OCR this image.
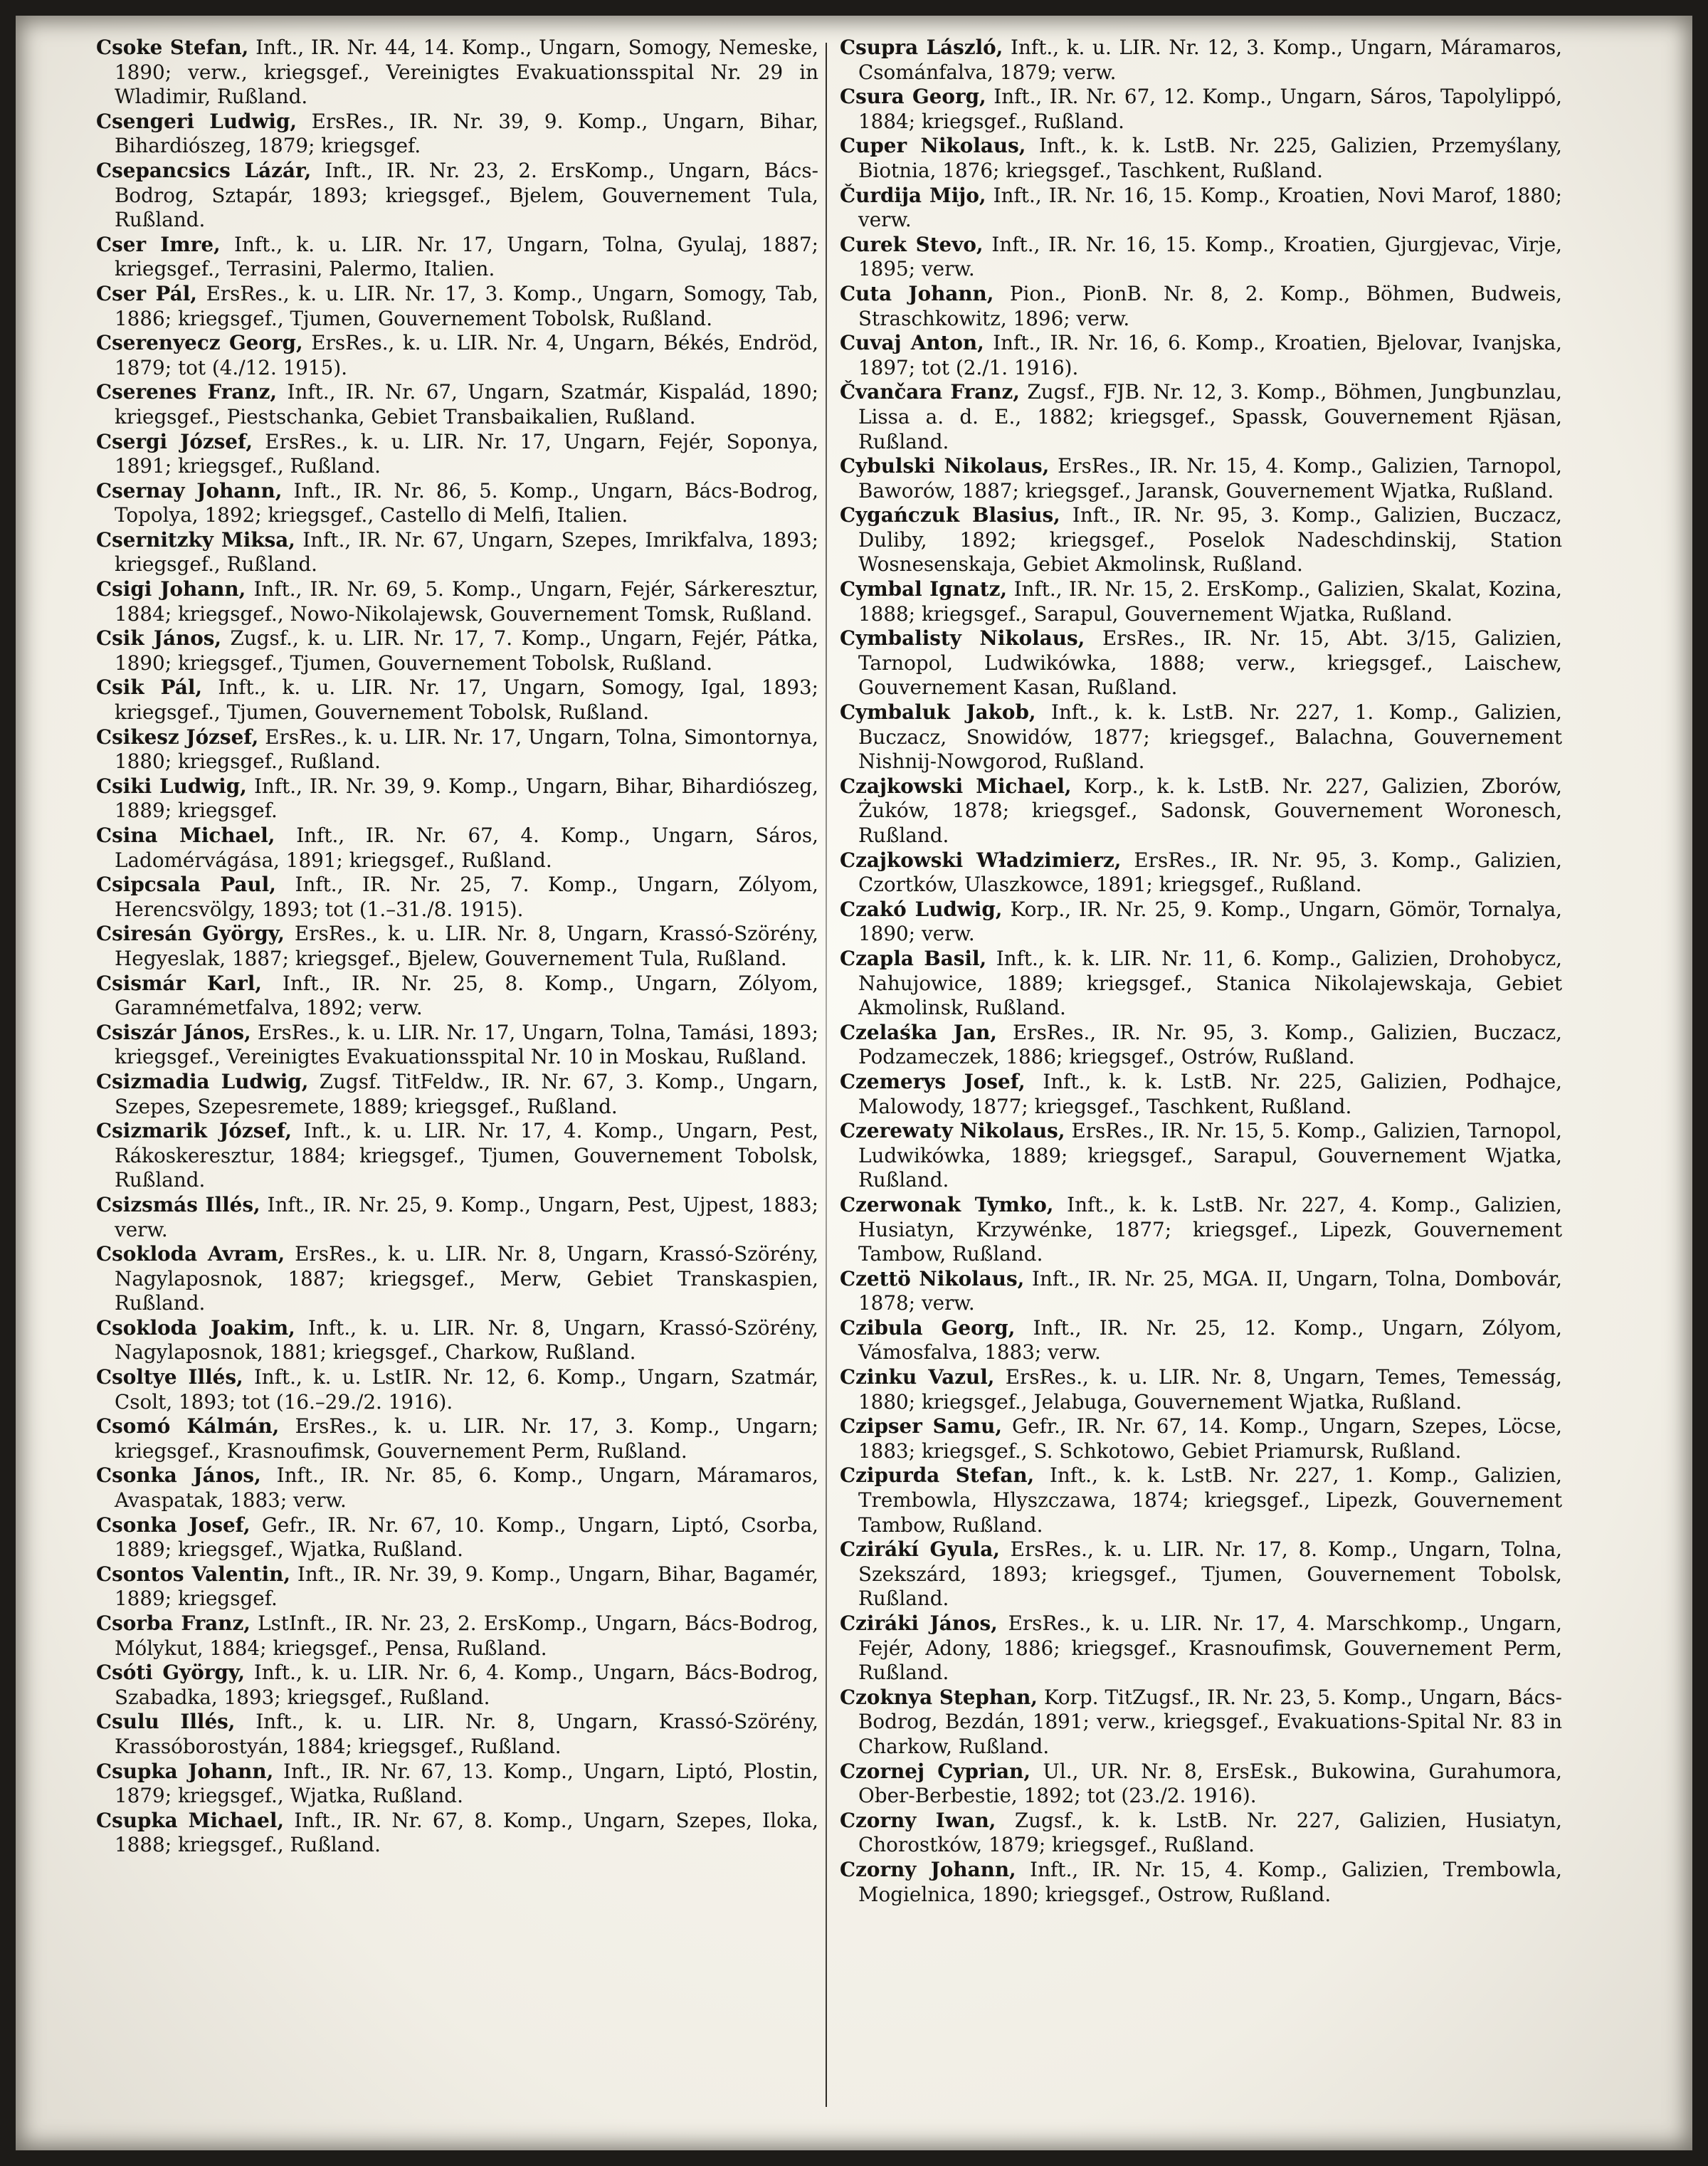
Csoke Stefan, Inft., IR. Nr. 44, 14. Komp., Ungarn, Somogy, Nemeske, 1890; verw., kriegsgef., Vereinigtes Evakuationsspital Nr. 29 in Wladimir, Rußland.

Csengeri Ludwig, ErsRes., IR. Nr. 39, 9. Komp., Ungarn, Bihar, Bihardiószeg, 1879; kriegsgef.

Csepancsics Lázár, Inft., IR. Nr. 23, 2. ErsKomp., Ungarn, Bács-Bodrog, Sztapár, 1893; kriegsgef., Bjelem, Gouvernement Tula, Rußland.

Cser Imre, Inft., k. u. LIR. Nr. 17, Ungarn, Tolna, Gyulaj, 1887; kriegsgef., Terrasini, Palermo, Italien.

Cser Pál, ErsRes., k. u. LIR. Nr. 17, 3. Komp., Ungarn, Somogy, Tab, 1886; kriegsgef., Tjumen, Gouvernement Tobolsk, Rußland.

Cserenyecz Georg, ErsRes., k. u. LIR. Nr. 4, Ungarn, Békés, Endröd, 1879; tot (4./12. 1915).

Cserenes Franz, Inft., IR. Nr. 67, Ungarn, Szatmár, Kispalád, 1890; kriegsgef., Piestschanka, Gebiet Transbaikalien, Rußland.

Csergi József, ErsRes., k. u. LIR. Nr. 17, Ungarn, Fejér, Soponya, 1891; kriegsgef., Rußland.

Csernay Johann, Inft., IR. Nr. 86, 5. Komp., Ungarn, Bács-Bodrog, Topolya, 1892; kriegsgef., Castello di Melfi, Italien.

Csernitzky Miksa, Inft., IR. Nr. 67, Ungarn, Szepes, Imrikfalva, 1893; kriegsgef., Rußland.

Csigi Johann, Inft., IR. Nr. 69, 5. Komp., Ungarn, Fejér, Sárkeresztur, 1884; kriegsgef., Nowo-Nikolajewsk, Gouvernement Tomsk, Rußland.

Csik János, Zugsf., k. u. LIR. Nr. 17, 7. Komp., Ungarn, Fejér, Pátka, 1890; kriegsgef., Tjumen, Gouvernement Tobolsk, Rußland.

Csik Pál, Inft., k. u. LIR. Nr. 17, Ungarn, Somogy, Igal, 1893; kriegsgef., Tjumen, Gouvernement Tobolsk, Rußland.

Csikesz József, ErsRes., k. u. LIR. Nr. 17, Ungarn, Tolna, Simontornya, 1880; kriegsgef., Rußland.

Csiki Ludwig, Inft., IR. Nr. 39, 9. Komp., Ungarn, Bihar, Bihardiószeg, 1889; kriegsgef.

Csina Michael, Inft., IR. Nr. 67, 4. Komp., Ungarn, Sáros, Ladomérvágása, 1891; kriegsgef., Rußland.

Csipcsala Paul, Inft., IR. Nr. 25, 7. Komp., Ungarn, Zólyom, Herencsvölgy, 1893; tot (1.–31./8. 1915).

Csiresán György, ErsRes., k. u. LIR. Nr. 8, Ungarn, Krassó-Szörény, Hegyeslak, 1887; kriegsgef., Bjelew, Gouvernement Tula, Rußland.

Csismár Karl, Inft., IR. Nr. 25, 8. Komp., Ungarn, Zólyom, Garamnémetfalva, 1892; verw.

Csiszár János, ErsRes., k. u. LIR. Nr. 17, Ungarn, Tolna, Tamási, 1893; kriegsgef., Vereinigtes Evakuationsspital Nr. 10 in Moskau, Rußland.

Csizmadia Ludwig, Zugsf. TitFeldw., IR. Nr. 67, 3. Komp., Ungarn, Szepes, Szepesremete, 1889; kriegsgef., Rußland.

Csizmarik József, Inft., k. u. LIR. Nr. 17, 4. Komp., Ungarn, Pest, Rákoskeresztur, 1884; kriegsgef., Tjumen, Gouvernement Tobolsk, Rußland.

Csizsmás Illés, Inft., IR. Nr. 25, 9. Komp., Ungarn, Pest, Ujpest, 1883; verw.

Csokloda Avram, ErsRes., k. u. LIR. Nr. 8, Ungarn, Krassó-Szörény, Nagylaposnok, 1887; kriegsgef., Merw, Gebiet Transkaspien, Rußland.

Csokloda Joakim, Inft., k. u. LIR. Nr. 8, Ungarn, Krassó-Szörény, Nagylaposnok, 1881; kriegsgef., Charkow, Rußland.

Csoltye Illés, Inft., k. u. LstIR. Nr. 12, 6. Komp., Ungarn, Szatmár, Csolt, 1893; tot (16.–29./2. 1916).

Csomó Kálmán, ErsRes., k. u. LIR. Nr. 17, 3. Komp., Ungarn; kriegsgef., Krasnoufimsk, Gouvernement Perm, Rußland.

Csonka János, Inft., IR. Nr. 85, 6. Komp., Ungarn, Máramaros, Avaspatak, 1883; verw.

Csonka Josef, Gefr., IR. Nr. 67, 10. Komp., Ungarn, Liptó, Csorba, 1889; kriegsgef., Wjatka, Rußland.

Csontos Valentin, Inft., IR. Nr. 39, 9. Komp., Ungarn, Bihar, Bagamér, 1889; kriegsgef.

Csorba Franz, LstInft., IR. Nr. 23, 2. ErsKomp., Ungarn, Bács-Bodrog, Mólykut, 1884; kriegsgef., Pensa, Rußland.

Csóti György, Inft., k. u. LIR. Nr. 6, 4. Komp., Ungarn, Bács-Bodrog, Szabadka, 1893; kriegsgef., Rußland.

Csulu Illés, Inft., k. u. LIR. Nr. 8, Ungarn, Krassó-Szörény, Krassóborostyán, 1884; kriegsgef., Rußland.

Csupka Johann, Inft., IR. Nr. 67, 13. Komp., Ungarn, Liptó, Plostin, 1879; kriegsgef., Wjatka, Rußland.

Csupka Michael, Inft., IR. Nr. 67, 8. Komp., Ungarn, Szepes, Iloka, 1888; kriegsgef., Rußland.

Csupra László, Inft., k. u. LIR. Nr. 12, 3. Komp., Ungarn, Máramaros, Csománfalva, 1879; verw.

Csura Georg, Inft., IR. Nr. 67, 12. Komp., Ungarn, Sáros, Tapolylippó, 1884; kriegsgef., Rußland.

Cuper Nikolaus, Inft., k. k. LstB. Nr. 225, Galizien, Przemyślany, Biotnia, 1876; kriegsgef., Taschkent, Rußland.

Čurdija Mijo, Inft., IR. Nr. 16, 15. Komp., Kroatien, Novi Marof, 1880; verw.

Curek Stevo, Inft., IR. Nr. 16, 15. Komp., Kroatien, Gjurgjevac, Virje, 1895; verw.

Cuta Johann, Pion., PionB. Nr. 8, 2. Komp., Böhmen, Budweis, Straschkowitz, 1896; verw.

Cuvaj Anton, Inft., IR. Nr. 16, 6. Komp., Kroatien, Bjelovar, Ivanjska, 1897; tot (2./1. 1916).

Čvančara Franz, Zugsf., FJB. Nr. 12, 3. Komp., Böhmen, Jungbunzlau, Lissa a. d. E., 1882; kriegsgef., Spassk, Gouvernement Rjäsan, Rußland.

Cybulski Nikolaus, ErsRes., IR. Nr. 15, 4. Komp., Galizien, Tarnopol, Baworów, 1887; kriegsgef., Jaransk, Gouvernement Wjatka, Rußland.

Cygańczuk Blasius, Inft., IR. Nr. 95, 3. Komp., Galizien, Buczacz, Duliby, 1892; kriegsgef., Poselok Nadeschdinskij, Station Wosnesenskaja, Gebiet Akmolinsk, Rußland.

Cymbal Ignatz, Inft., IR. Nr. 15, 2. ErsKomp., Galizien, Skalat, Kozina, 1888; kriegsgef., Sarapul, Gouvernement Wjatka, Rußland.

Cymbalisty Nikolaus, ErsRes., IR. Nr. 15, Abt. 3/15, Galizien, Tarnopol, Ludwikówka, 1888; verw., kriegsgef., Laischew, Gouvernement Kasan, Rußland.

Cymbaluk Jakob, Inft., k. k. LstB. Nr. 227, 1. Komp., Galizien, Buczacz, Snowidów, 1877; kriegsgef., Balachna, Gouvernement Nishnij-Nowgorod, Rußland.

Czajkowski Michael, Korp., k. k. LstB. Nr. 227, Galizien, Zborów, Żuków, 1878; kriegsgef., Sadonsk, Gouvernement Woronesch, Rußland.

Czajkowski Władzimierz, ErsRes., IR. Nr. 95, 3. Komp., Galizien, Czortków, Ulaszkowce, 1891; kriegsgef., Rußland.

Czakó Ludwig, Korp., IR. Nr. 25, 9. Komp., Ungarn, Gömör, Tornalya, 1890; verw.

Czapla Basil, Inft., k. k. LIR. Nr. 11, 6. Komp., Galizien, Drohobycz, Nahujowice, 1889; kriegsgef., Stanica Nikolajewskaja, Gebiet Akmolinsk, Rußland.

Czelaśka Jan, ErsRes., IR. Nr. 95, 3. Komp., Galizien, Buczacz, Podzameczek, 1886; kriegsgef., Ostrów, Rußland.

Czemerys Josef, Inft., k. k. LstB. Nr. 225, Galizien, Podhajce, Malowody, 1877; kriegsgef., Taschkent, Rußland.

Czerewaty Nikolaus, ErsRes., IR. Nr. 15, 5. Komp., Galizien, Tarnopol, Ludwikówka, 1889; kriegsgef., Sarapul, Gouvernement Wjatka, Rußland.

Czerwonak Tymko, Inft., k. k. LstB. Nr. 227, 4. Komp., Galizien, Husiatyn, Krzywénke, 1877; kriegsgef., Lipezk, Gouvernement Tambow, Rußland.

Czettö Nikolaus, Inft., IR. Nr. 25, MGA. II, Ungarn, Tolna, Dombovár, 1878; verw.

Czibula Georg, Inft., IR. Nr. 25, 12. Komp., Ungarn, Zólyom, Vámosfalva, 1883; verw.

Czinku Vazul, ErsRes., k. u. LIR. Nr. 8, Ungarn, Temes, Temesság, 1880; kriegsgef., Jelabuga, Gouvernement Wjatka, Rußland.

Czipser Samu, Gefr., IR. Nr. 67, 14. Komp., Ungarn, Szepes, Löcse, 1883; kriegsgef., S. Schkotowo, Gebiet Priamursk, Rußland.

Czipurda Stefan, Inft., k. k. LstB. Nr. 227, 1. Komp., Galizien, Trembowla, Hlyszczawa, 1874; kriegsgef., Lipezk, Gouvernement Tambow, Rußland.

Czirákí Gyula, ErsRes., k. u. LIR. Nr. 17, 8. Komp., Ungarn, Tolna, Szekszárd, 1893; kriegsgef., Tjumen, Gouvernement Tobolsk, Rußland.

Cziráki János, ErsRes., k. u. LIR. Nr. 17, 4. Marschkomp., Ungarn, Fejér, Adony, 1886; kriegsgef., Krasnoufimsk, Gouvernement Perm, Rußland.

Czoknya Stephan, Korp. TitZugsf., IR. Nr. 23, 5. Komp., Ungarn, Bács-Bodrog, Bezdán, 1891; verw., kriegsgef., Evakuations-Spital Nr. 83 in Charkow, Rußland.

Czornej Cyprian, Ul., UR. Nr. 8, ErsEsk., Bukowina, Gurahumora, Ober-Berbestie, 1892; tot (23./2. 1916).

Czorny Iwan, Zugsf., k. k. LstB. Nr. 227, Galizien, Husiatyn, Chorostków, 1879; kriegsgef., Rußland.

Czorny Johann, Inft., IR. Nr. 15, 4. Komp., Galizien, Trembowla, Mogielnica, 1890; kriegsgef., Ostrow, Rußland.
